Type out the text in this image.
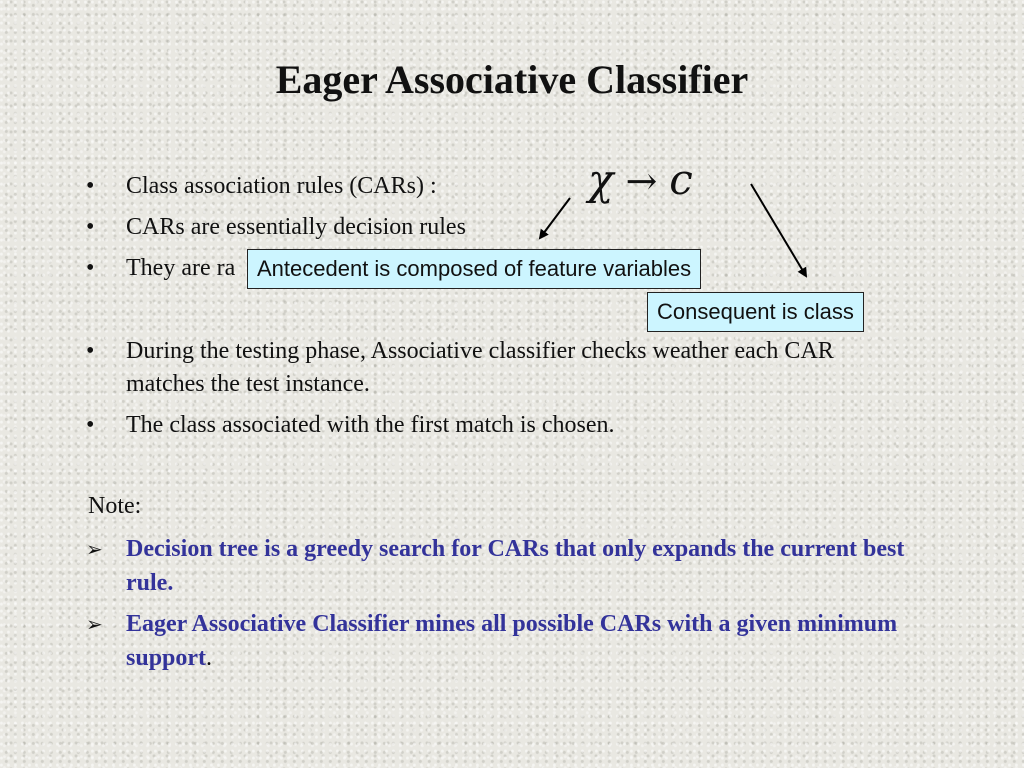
Eager Associative Classifier
•	Class association rules (CARs) :
•	CARs are essentially decision rules
•	They are ra
•	During the testing phase, Associative classifier checks weather each CAR matches the test instance.
•	The class associated with the first match is chosen.
χ → c
Antecedent is composed of feature variables
Consequent is class
Note:
➢ Decision tree is a greedy search for CARs that only expands the current best rule.
➢ Eager Associative Classifier mines all possible CARs with a given minimum support.
